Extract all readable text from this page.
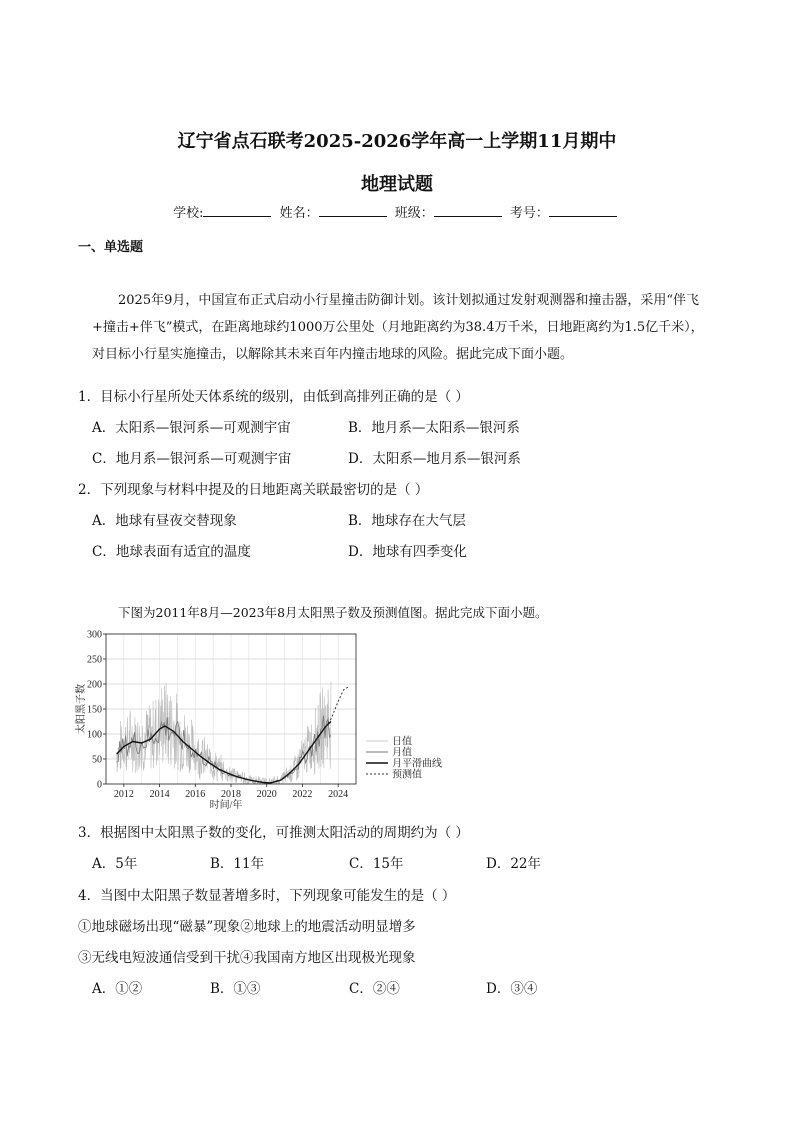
辽宁省点石联考2025-2026学年高一上学期11月期中
地理试题
学校:	姓名：	班级：	考号：
一、单选题
2025年9月，中国宣布正式启动小行星撞击防御计划。该计划拟通过发射观测器和撞击器，采用“伴飞+撞击+伴飞”模式，在距离地球约1000万公里处（月地距离约为38.4万千米，日地距离约为1.5亿千米），对目标小行星实施撞击，以解除其未来百年内撞击地球的风险。据此完成下面小题。
1．目标小行星所处天体系统的级别，由低到高排列正确的是（ ）
A．太阳系—银河系—可观测宇宙	B．地月系—太阳系—银河系
C．地月系—银河系—可观测宇宙	D．太阳系—地月系—银河系
2．下列现象与材料中提及的日地距离关联最密切的是（ ）
A．地球有昼夜交替现象	B．地球存在大气层
C．地球表面有适宜的温度	D．地球有四季变化
下图为2011年8月—2023年8月太阳黑子数及预测值图。据此完成下面小题。
0
50
100
150
200
250
300
2012 2014 2016 2018 2020 2022 2024
时间/年
太阳黑子数
日值
月值
月平滑曲线
预测值
3．根据图中太阳黑子数的变化，可推测太阳活动的周期约为（ ）
A．5年	B．11年	C．15年	D．22年
4．当图中太阳黑子数显著增多时，下列现象可能发生的是（ ）
①地球磁场出现“磁暴”现象②地球上的地震活动明显增多
③无线电短波通信受到干扰④我国南方地区出现极光现象
A．①②	B．①③	C．②④	D．③④
